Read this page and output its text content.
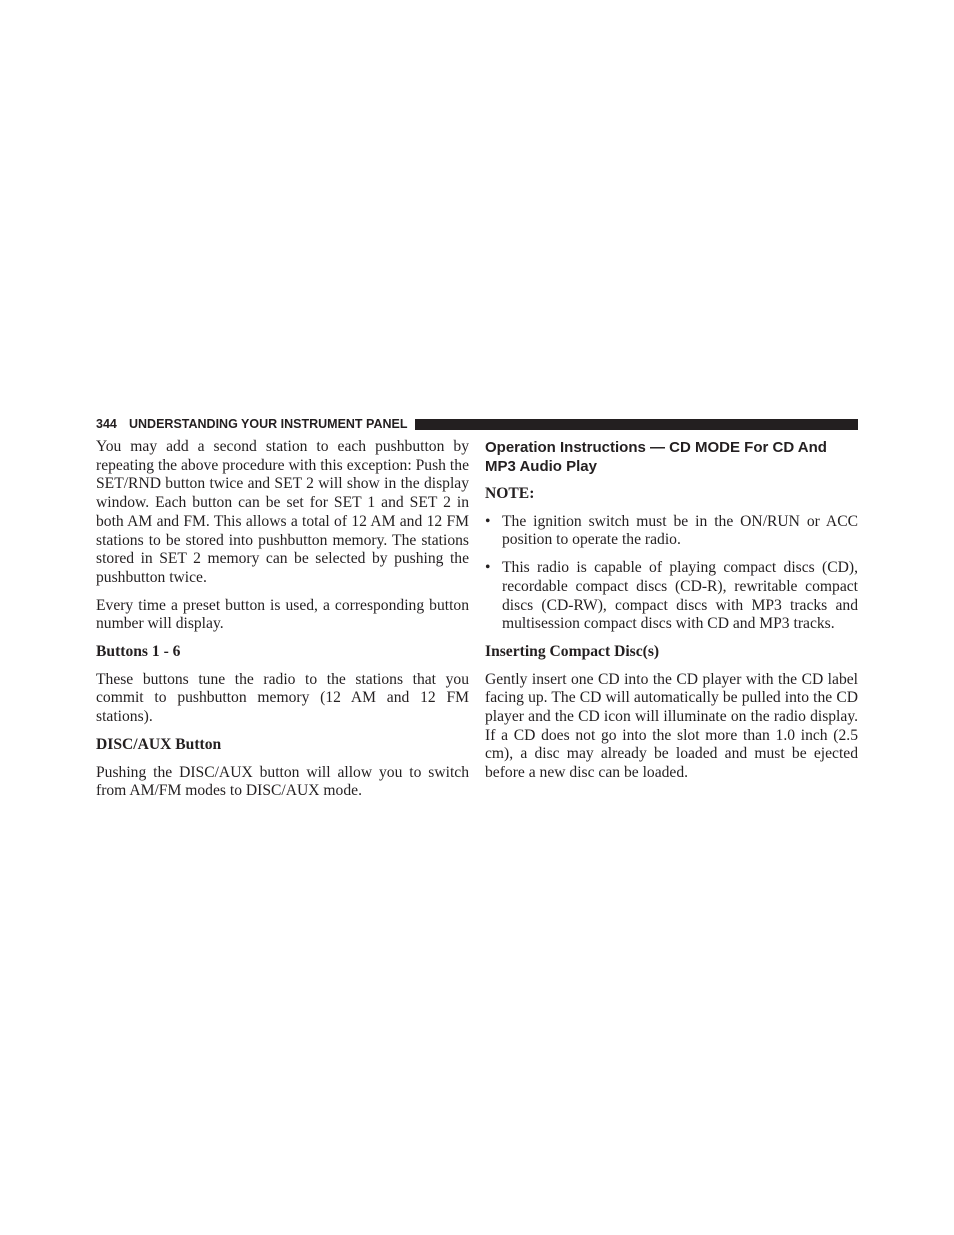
344 UNDERSTANDING YOUR INSTRUMENT PANEL

You may add a second station to each pushbutton by repeating the above procedure with this exception: Push the SET/RND button twice and SET 2 will show in the display window. Each button can be set for SET 1 and SET 2 in both AM and FM. This allows a total of 12 AM and 12 FM stations to be stored into pushbutton memory. The stations stored in SET 2 memory can be selected by pushing the pushbutton twice.

Every time a preset button is used, a corresponding button number will display.

Buttons 1 - 6

These buttons tune the radio to the stations that you commit to pushbutton memory (12 AM and 12 FM stations).

DISC/AUX Button

Pushing the DISC/AUX button will allow you to switch from AM/FM modes to DISC/AUX mode.

Operation Instructions — CD MODE For CD And MP3 Audio Play

NOTE:

• The ignition switch must be in the ON/RUN or ACC position to operate the radio.

• This radio is capable of playing compact discs (CD), recordable compact discs (CD-R), rewritable compact discs (CD-RW), compact discs with MP3 tracks and multisession compact discs with CD and MP3 tracks.

Inserting Compact Disc(s)

Gently insert one CD into the CD player with the CD label facing up. The CD will automatically be pulled into the CD player and the CD icon will illuminate on the radio display. If a CD does not go into the slot more than 1.0 inch (2.5 cm), a disc may already be loaded and must be ejected before a new disc can be loaded.
